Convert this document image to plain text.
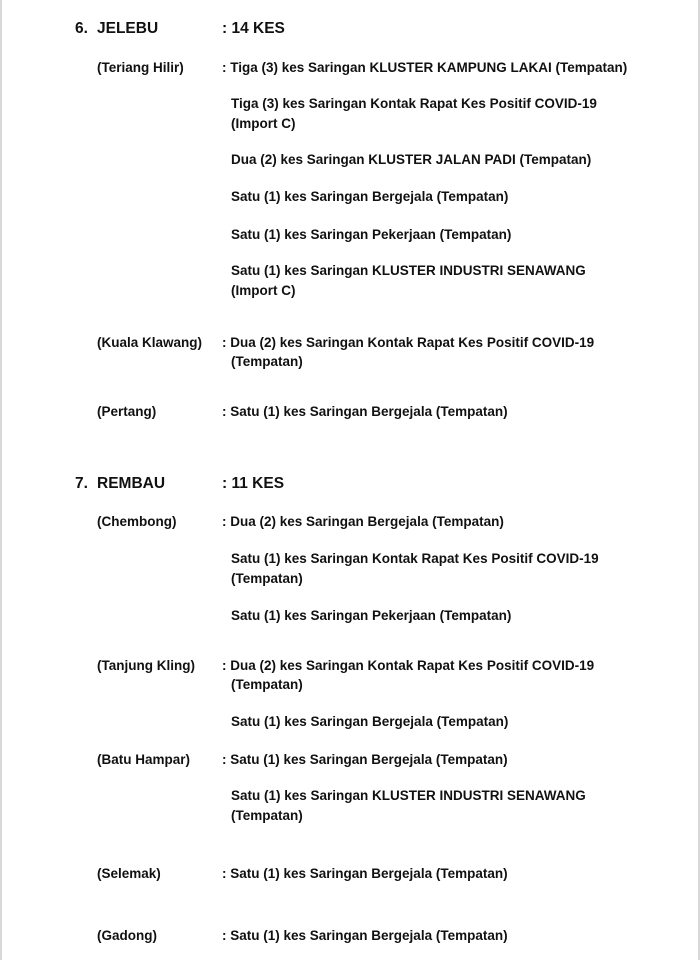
6. JELEBU	: 14 KES
(Teriang Hilir)	: Tiga (3) kes Saringan KLUSTER KAMPUNG LAKAI (Tempatan)
Tiga (3) kes Saringan Kontak Rapat Kes Positif COVID-19
(Import C)
Dua (2) kes Saringan KLUSTER JALAN PADI (Tempatan)
Satu (1) kes Saringan Bergejala (Tempatan)
Satu (1) kes Saringan Pekerjaan (Tempatan)
Satu (1) kes Saringan KLUSTER INDUSTRI SENAWANG
(Import C)
(Kuala Klawang) : Dua (2) kes Saringan Kontak Rapat Kes Positif COVID-19
(Tempatan)
(Pertang)	: Satu (1) kes Saringan Bergejala (Tempatan)
7. REMBAU	: 11 KES
(Chembong)	: Dua (2) kes Saringan Bergejala (Tempatan)
Satu (1) kes Saringan Kontak Rapat Kes Positif COVID-19
(Tempatan)
Satu (1) kes Saringan Pekerjaan (Tempatan)
(Tanjung Kling) : Dua (2) kes Saringan Kontak Rapat Kes Positif COVID-19
(Tempatan)
Satu (1) kes Saringan Bergejala (Tempatan)
(Batu Hampar) : Satu (1) kes Saringan Bergejala (Tempatan)
Satu (1) kes Saringan KLUSTER INDUSTRI SENAWANG
(Tempatan)
(Selemak)	: Satu (1) kes Saringan Bergejala (Tempatan)
(Gadong)	: Satu (1) kes Saringan Bergejala (Tempatan)
